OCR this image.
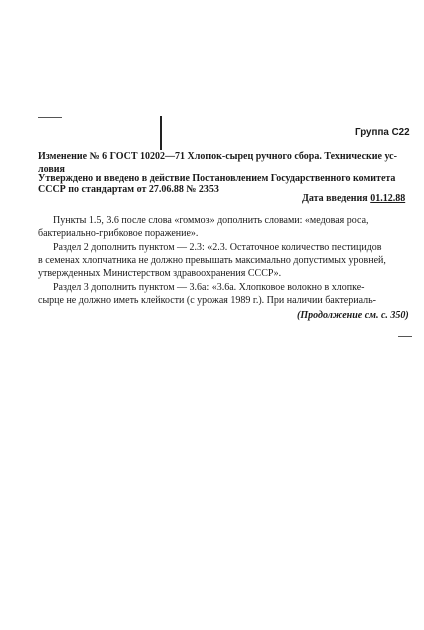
Группа С22
Изменение № 6 ГОСТ 10202—71 Хлопок-сырец ручного сбора. Технические ус-
ловия
Утверждено и введено в действие Постановлением Государственного комитета
СССР по стандартам от 27.06.88 № 2353
Дата введения 01.12.88
Пункты 1.5, 3.6 после слова «гоммоз» дополнить словами: «медовая роса,
бактериально-грибковое поражение».
Раздел 2 дополнить пунктом — 2.3: «2.3. Остаточное количество пестицидов
в семенах хлопчатника не должно превышать максимально допустимых уровней,
утвержденных Министерством здравоохранения СССР».
Раздел 3 дополнить пунктом — 3.6а: «3.6а. Хлопковое волокно в хлопке-
сырце не должно иметь клейкости (с урожая 1989 г.). При наличии бактериаль-
(Продолжение см. с. 350)
